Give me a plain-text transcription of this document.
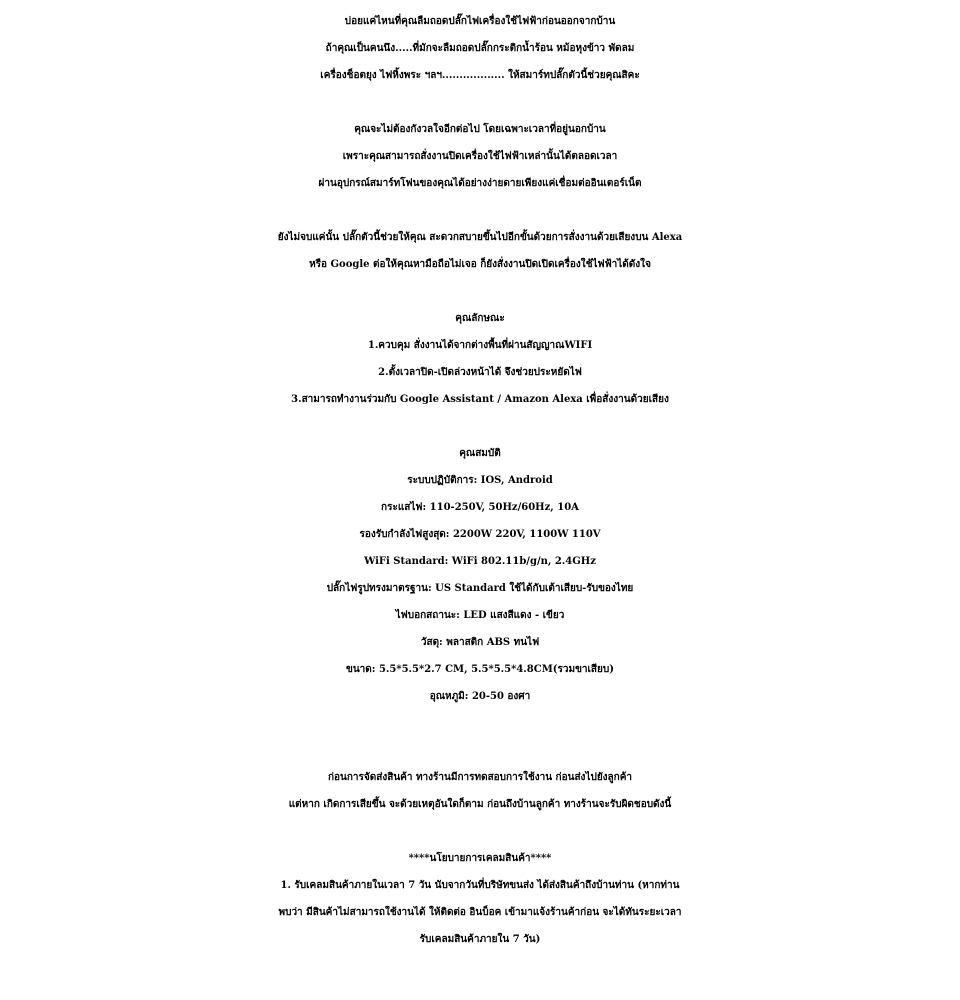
บ่อยแค่ไหนที่คุณลืมถอดปลั๊กไฟเครื่องใช้ไฟฟ้าก่อนออกจากบ้าน
ถ้าคุณเป็นคนนึง.....ที่มักจะลืมถอดปลั๊กกระติกน้ำร้อน หม้อหุงข้าว พัดลม
เครื่องช็อตยุง ไฟหิ้งพระ ฯลฯ.................. ให้สมาร์ทปลั๊กตัวนี้ช่วยคุณสิคะ
คุณจะไม่ต้องกังวลใจอีกต่อไป โดยเฉพาะเวลาที่อยู่นอกบ้าน
เพราะคุณสามารถสั่งงานปิดเครื่องใช้ไฟฟ้าเหล่านั้นได้ตลอดเวลา
ผ่านอุปกรณ์สมาร์ทโฟนของคุณได้อย่างง่ายดายเพียงแค่เชื่อมต่ออินเตอร์เน็ต
ยังไม่จบแค่นั้น ปลั๊กตัวนี้ช่วยให้คุณ สะดวกสบายขึ้นไปอีกขั้นด้วยการสั่งงานด้วยเสียงบน Alexa
หรือ Google ต่อให้คุณหามือถือไม่เจอ ก็ยังสั่งงานปิดเปิดเครื่องใช้ไฟฟ้าได้ดังใจ
คุณลักษณะ
1.ควบคุม สั่งงานได้จากต่างพื้นที่ผ่านสัญญาณWIFI
2.ตั้งเวลาปิด-เปิดล่วงหน้าได้ จึงช่วยประหยัดไฟ
3.สามารถทำงานร่วมกับ Google Assistant / Amazon Alexa เพื่อสั่งงานด้วยเสียง
คุณสมบัติ
ระบบปฏิบัติการ: IOS, Android
กระแสไฟ: 110-250V, 50Hz/60Hz, 10A
รองรับกำลังไฟสูงสุด: 2200W 220V, 1100W 110V
WiFi Standard: WiFi 802.11b/g/n, 2.4GHz
ปลั๊กไฟรูปทรงมาตรฐาน: US Standard ใช้ได้กับเต้าเสียบ-รับของไทย
ไฟบอกสถานะ: LED แสงสีแดง - เขียว
วัสดุ: พลาสติก ABS ทนไฟ
ขนาด: 5.5*5.5*2.7 CM, 5.5*5.5*4.8CM(รวมขาเสียบ)
อุณหภูมิ: 20-50 องศา
ก่อนการจัดส่งสินค้า ทางร้านมีการทดสอบการใช้งาน ก่อนส่งไปยังลูกค้า
แต่หาก เกิดการเสียขึ้น จะด้วยเหตุอันใดก็ตาม ก่อนถึงบ้านลูกค้า ทางร้านจะรับผิดชอบดังนี้
****นโยบายการเคลมสินค้า****
1. รับเคลมสินค้าภายในเวลา 7 วัน นับจากวันที่บริษัทขนส่ง ได้ส่งสินค้าถึงบ้านท่าน (หากท่าน
พบว่า มีสินค้าไม่สามารถใช้งานได้ ให้ติดต่อ อินบ็อค เข้ามาแจ้งร้านค้าก่อน จะได้ทันระยะเวลา
รับเคลมสินค้าภายใน 7 วัน)
